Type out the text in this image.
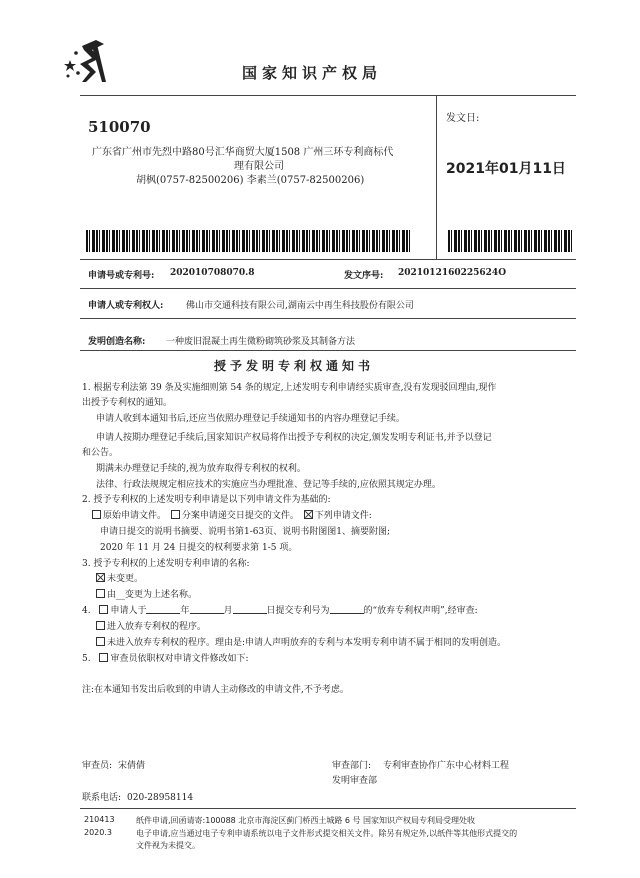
国家知识产权局
510070
广东省广州市先烈中路80号汇华商贸大厦1508 广州三环专利商标代
理有限公司
胡枫(0757-82500206) 李素兰(0757-82500206)
发文日:
2021年01月11日
申请号或专利号: 202010708070.8	发文序号: 2021012160225624O
申请人或专利权人:	佛山市交通科技有限公司,湖南云中再生科技股份有限公司
发明创造名称: 一种废旧混凝土再生微粉砌筑砂浆及其制备方法
授予发明专利权通知书
1. 根据专利法第 39 条及实施细则第 54 条的规定,上述发明专利申请经实质审查,没有发现驳回理由,现作
出授予专利权的通知。
申请人收到本通知书后,还应当依照办理登记手续通知书的内容办理登记手续。
申请人按期办理登记手续后,国家知识产权局将作出授予专利权的决定,颁发发明专利证书,并予以登记
和公告。
期满未办理登记手续的,视为放弃取得专利权的权利。
法律、行政法规规定相应技术的实施应当办理批准、登记等手续的,应依照其规定办理。
2. 授予专利权的上述发明专利申请是以下列申请文件为基础的:
原始申请文件。 分案申请递交日提交的文件。 下列申请文件:
申请日提交的说明书摘要、说明书第1-63页、说明书附图图1、摘要附图;
2020 年 11 月 24 日提交的权利要求第 1-5 项。
3. 授予专利权的上述发明专利申请的名称:
未变更。
由__变更为上述名称。
4. 申请人于	年	月	日提交专利号为	的“放弃专利权声明”,经审查:
进入放弃专利权的程序。
未进入放弃专利权的程序。理由是:申请人声明放弃的专利与本发明专利申请不属于相同的发明创造。
5. 审查员依职权对申请文件修改如下:
注:在本通知书发出后收到的申请人主动修改的申请文件,不予考虑。
审查员: 宋倩倩	审查部门: 专利审查协作广东中心材料工程
发明审查部
联系电话: 020-28958114
210413
2020.3
纸件申请,回函请寄:100088 北京市海淀区蓟门桥西土城路 6 号 国家知识产权局专利局受理处收
电子申请,应当通过电子专利申请系统以电子文件形式提交相关文件。除另有规定外,以纸件等其他形式提交的
文件视为未提交。
